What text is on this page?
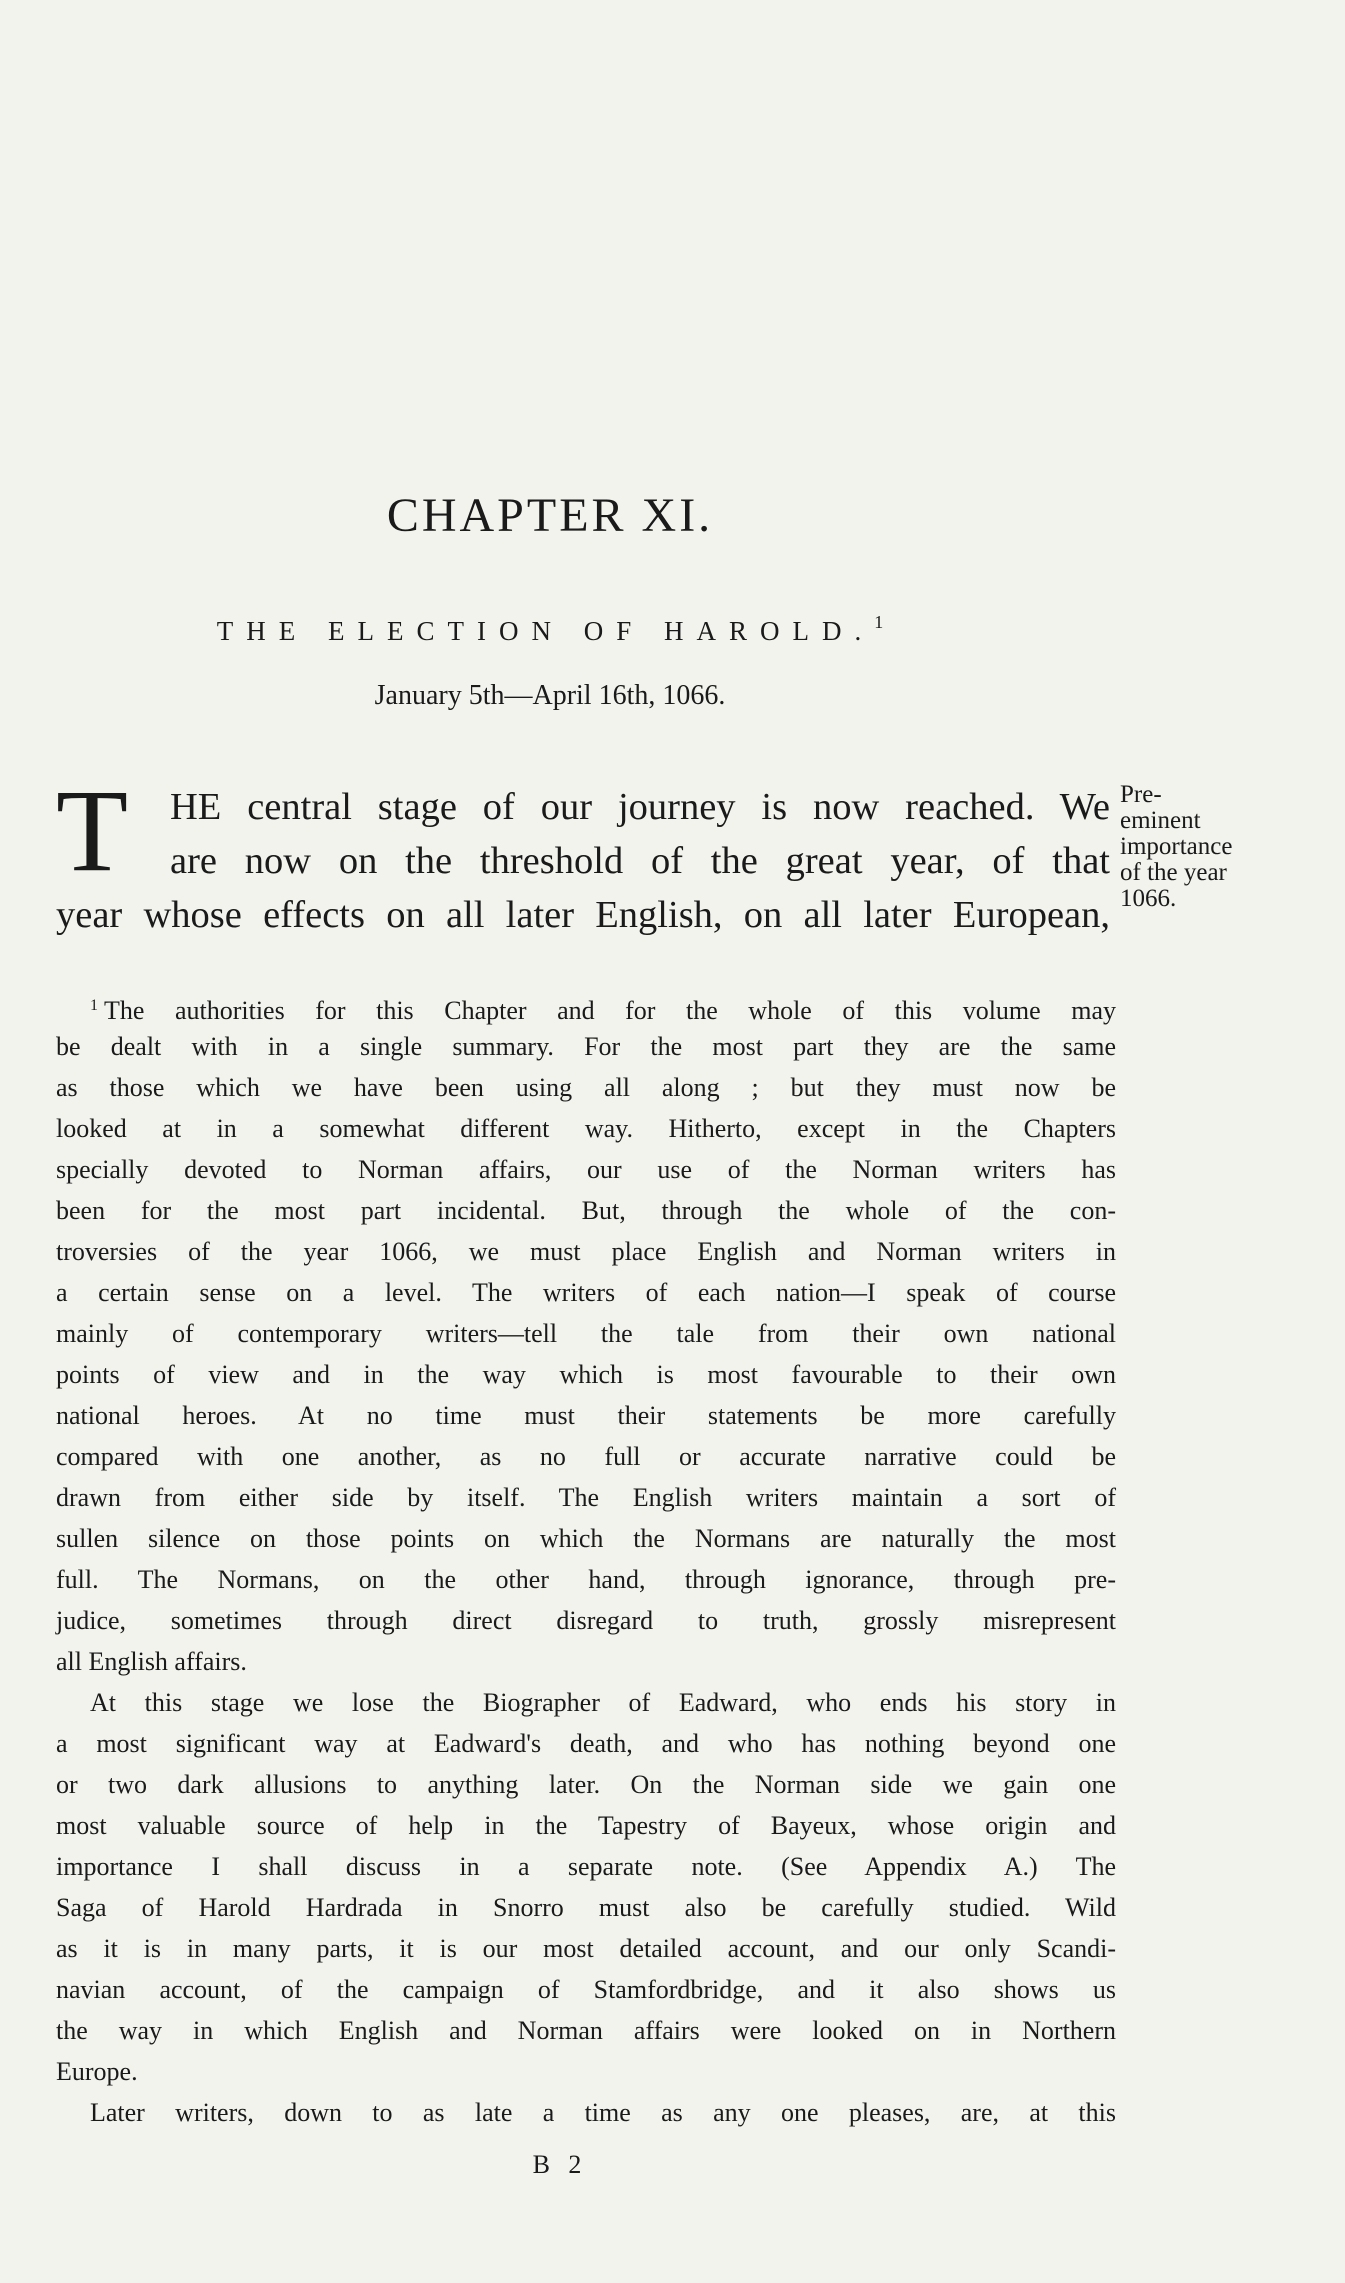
CHAPTER XI.
THE ELECTION OF HAROLD.$^1$
January 5th—April 16th, 1066.
T	HE central stage of our journey is now reached. We
are now on the threshold of the great year, of that
year whose effects on all later English, on all later European,
Pre-
eminent
importance
of the year
1066.
$^1$ The authorities for this Chapter and for the whole of this volume may
be dealt with in a single summary. For the most part they are the same
as those which we have been using all along ; but they must now be
looked at in a somewhat different way. Hitherto, except in the Chapters
specially devoted to Norman affairs, our use of the Norman writers has
been for the most part incidental. But, through the whole of the con-
troversies of the year 1066, we must place English and Norman writers in
a certain sense on a level. The writers of each nation—I speak of course
mainly of contemporary writers—tell the tale from their own national
points of view and in the way which is most favourable to their own
national heroes. At no time must their statements be more carefully
compared with one another, as no full or accurate narrative could be
drawn from either side by itself. The English writers maintain a sort of
sullen silence on those points on which the Normans are naturally the most
full. The Normans, on the other hand, through ignorance, through pre-
judice, sometimes through direct disregard to truth, grossly misrepresent
all English affairs.
At this stage we lose the Biographer of Eadward, who ends his story in
a most significant way at Eadward's death, and who has nothing beyond one
or two dark allusions to anything later. On the Norman side we gain one
most valuable source of help in the Tapestry of Bayeux, whose origin and
importance I shall discuss in a separate note. (See Appendix A.) The
Saga of Harold Hardrada in Snorro must also be carefully studied. Wild
as it is in many parts, it is our most detailed account, and our only Scandi-
navian account, of the campaign of Stamfordbridge, and it also shows us
the way in which English and Norman affairs were looked on in Northern
Europe.
Later writers, down to as late a time as any one pleases, are, at this
B 2
